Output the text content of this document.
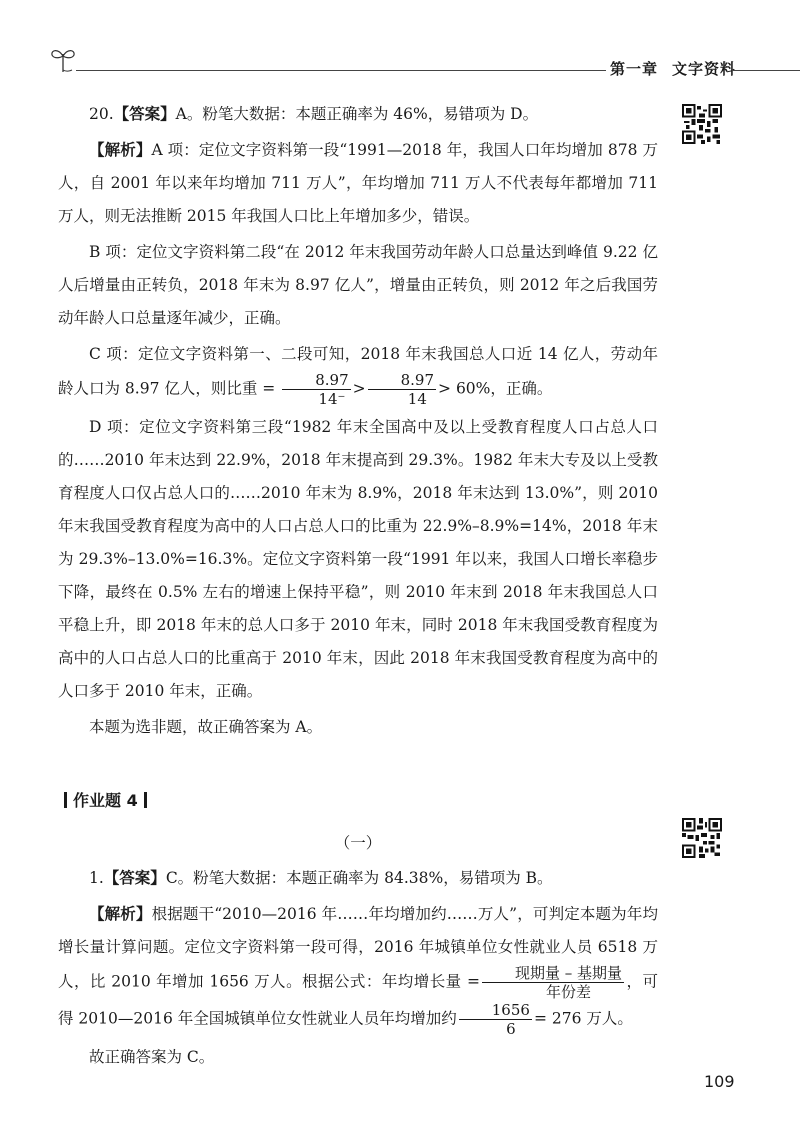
第一章 文字资料

20.【答案】A。粉笔大数据：本题正确率为 46%，易错项为 D。

【解析】A 项：定位文字资料第一段“1991—2018 年，我国人口年均增加 878 万人，自 2001 年以来年均增加 711 万人”，年均增加 711 万人不代表每年都增加 711 万人，则无法推断 2015 年我国人口比上年增加多少，错误。

B 项：定位文字资料第二段“在 2012 年末我国劳动年龄人口总量达到峰值 9.22 亿人后增量由正转负，2018 年末为 8.97 亿人”，增量由正转负，则 2012 年之后我国劳动年龄人口总量逐年减少，正确。

C 项：定位文字资料第一、二段可知，2018 年末我国总人口近 14 亿人，劳动年龄人口为 8.97 亿人，则比重 = $\frac{8.97}{14^-} > \frac{8.97}{14} > 60\%$，正确。

D 项：定位文字资料第三段“1982 年末全国高中及以上受教育程度人口占总人口的……2010 年末达到 22.9%，2018 年末提高到 29.3%。1982 年末大专及以上受教育程度人口仅占总人口的……2010 年末为 8.9%，2018 年末达到 13.0%”，则 2010 年末我国受教育程度为高中的人口占总人口的比重为 22.9%–8.9%=14%，2018 年末为 29.3%–13.0%=16.3%。定位文字资料第一段“1991 年以来，我国人口增长率稳步下降，最终在 0.5% 左右的增速上保持平稳”，则 2010 年末到 2018 年末我国总人口平稳上升，即 2018 年末的总人口多于 2010 年末，同时 2018 年末我国受教育程度为高中的人口占总人口的比重高于 2010 年末，因此 2018 年末我国受教育程度为高中的人口多于 2010 年末，正确。

本题为选非题，故正确答案为 A。

作业题 4
（一）

1.【答案】C。粉笔大数据：本题正确率为 84.38%，易错项为 B。

【解析】根据题干“2010—2016 年……年均增加约……万人”，可判定本题为年均增长量计算问题。定位文字资料第一段可得，2016 年城镇单位女性就业人员 6518 万人，比 2010 年增加 1656 万人。根据公式：年均增长量 = $\frac{\text{现期量 – 基期量}}{\text{年份差}}$ ，可得 2010—2016 年全国城镇单位女性就业人员年均增加约 $\frac{1656}{6} = 276$ 万人。

故正确答案为 C。

109
